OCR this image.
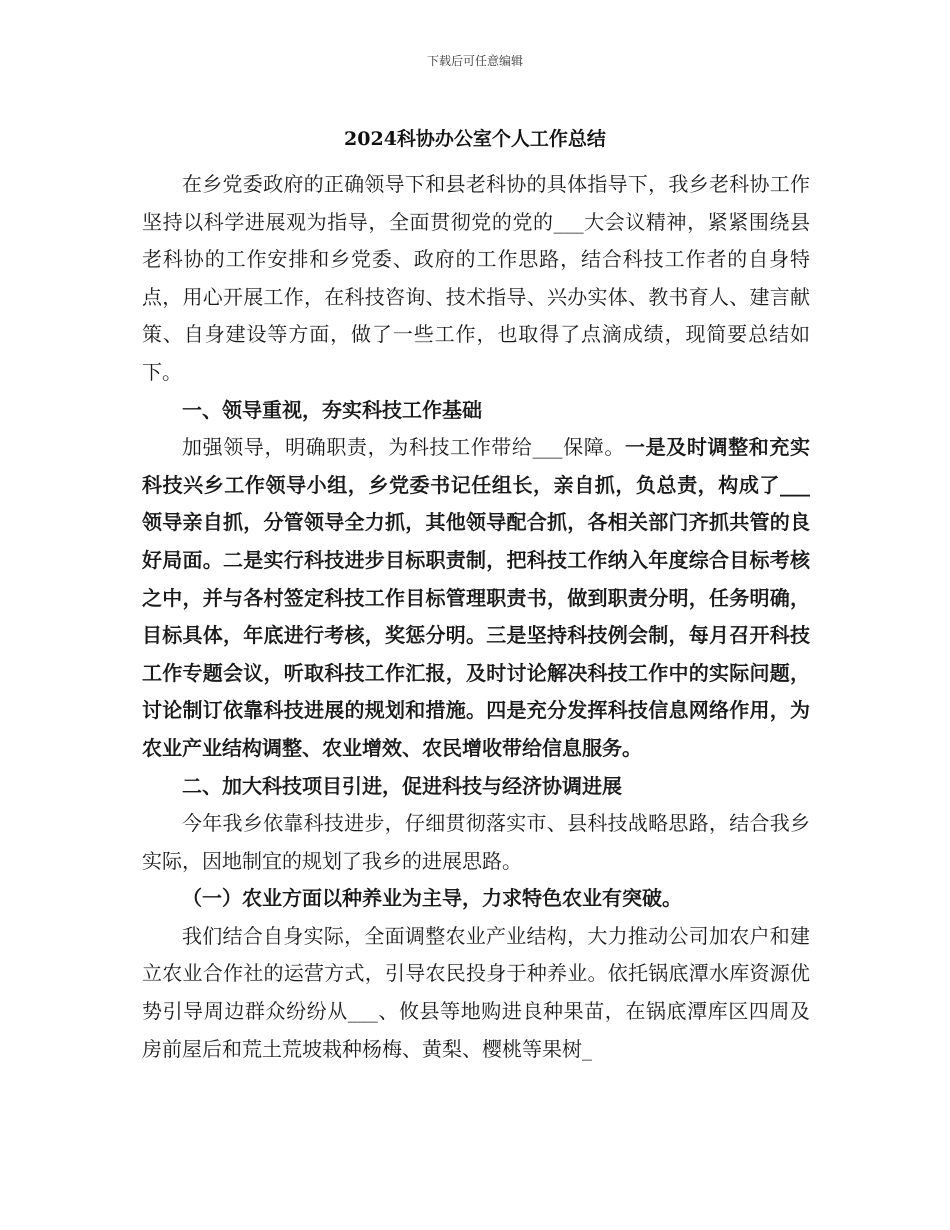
下载后可任意编辑
2024科协办公室个人工作总结

在乡党委政府的正确领导下和县老科协的具体指导下，我乡老科协工作坚持以科学进展观为指导，全面贯彻党的党的___大会议精神，紧紧围绕县老科协的工作安排和乡党委、政府的工作思路，结合科技工作者的自身特点，用心开展工作，在科技咨询、技术指导、兴办实体、教书育人、建言献策、自身建设等方面，做了一些工作，也取得了点滴成绩，现简要总结如下。

一、领导重视，夯实科技工作基础

加强领导，明确职责，为科技工作带给___保障。一是及时调整和充实科技兴乡工作领导小组，乡党委书记任组长，亲自抓，负总责，构成了___领导亲自抓，分管领导全力抓，其他领导配合抓，各相关部门齐抓共管的良好局面。二是实行科技进步目标职责制，把科技工作纳入年度综合目标考核之中，并与各村签定科技工作目标管理职责书，做到职责分明，任务明确，目标具体，年底进行考核，奖惩分明。三是坚持科技例会制，每月召开科技工作专题会议，听取科技工作汇报，及时讨论解决科技工作中的实际问题，讨论制订依靠科技进展的规划和措施。四是充分发挥科技信息网络作用，为农业产业结构调整、农业增效、农民增收带给信息服务。

二、加大科技项目引进，促进科技与经济协调进展

今年我乡依靠科技进步，仔细贯彻落实市、县科技战略思路，结合我乡实际，因地制宜的规划了我乡的进展思路。

（一）农业方面以种养业为主导，力求特色农业有突破。

我们结合自身实际，全面调整农业产业结构，大力推动公司加农户和建立农业合作社的运营方式，引导农民投身于种养业。依托锅底潭水库资源优势引导周边群众纷纷从___、攸县等地购进良种果苗，在锅底潭库区四周及房前屋后和荒土荒坡栽种杨梅、黄梨、樱桃等果树_
